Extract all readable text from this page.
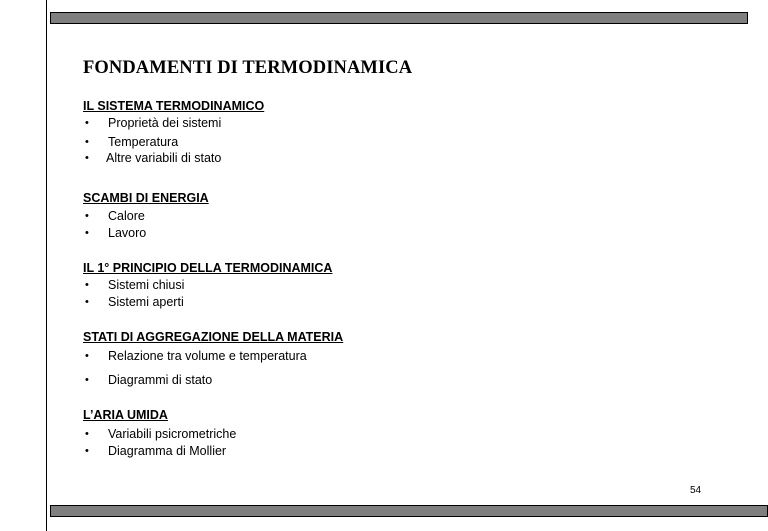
FONDAMENTI DI TERMODINAMICA
IL SISTEMA TERMODINAMICO
• Proprietà dei sistemi
• Temperatura
• Altre variabili di stato
SCAMBI DI ENERGIA
• Calore
• Lavoro
IL 1° PRINCIPIO DELLA TERMODINAMICA
• Sistemi chiusi
• Sistemi aperti
STATI DI AGGREGAZIONE DELLA MATERIA
• Relazione tra volume e temperatura
• Diagrammi di stato
L’ARIA UMIDA
• Variabili psicrometriche
• Diagramma di Mollier
54
